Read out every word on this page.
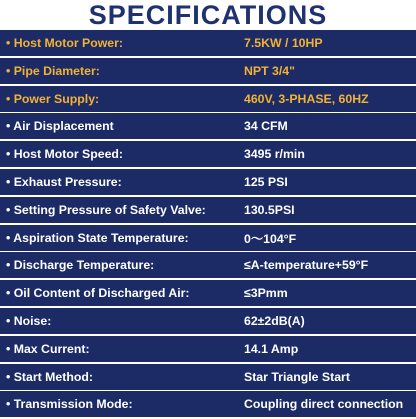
SPECIFICATIONS
• Host Motor Power:	7.5KW / 10HP
• Pipe Diameter:	NPT 3/4"
• Power Supply:	460V, 3-PHASE, 60HZ
• Air Displacement	34 CFM
• Host Motor Speed:	3495 r/min
• Exhaust Pressure:	125 PSI
• Setting Pressure of Safety Valve:	130.5PSI
• Aspiration State Temperature:	0～104°F
• Discharge Temperature:	≤A-temperature+59°F
• Oil Content of Discharged Air:	≤3Pmm
• Noise:	62±2dB(A)
• Max Current:	14.1 Amp
• Start Method:	Star Triangle Start
• Transmission Mode:	Coupling direct connection
